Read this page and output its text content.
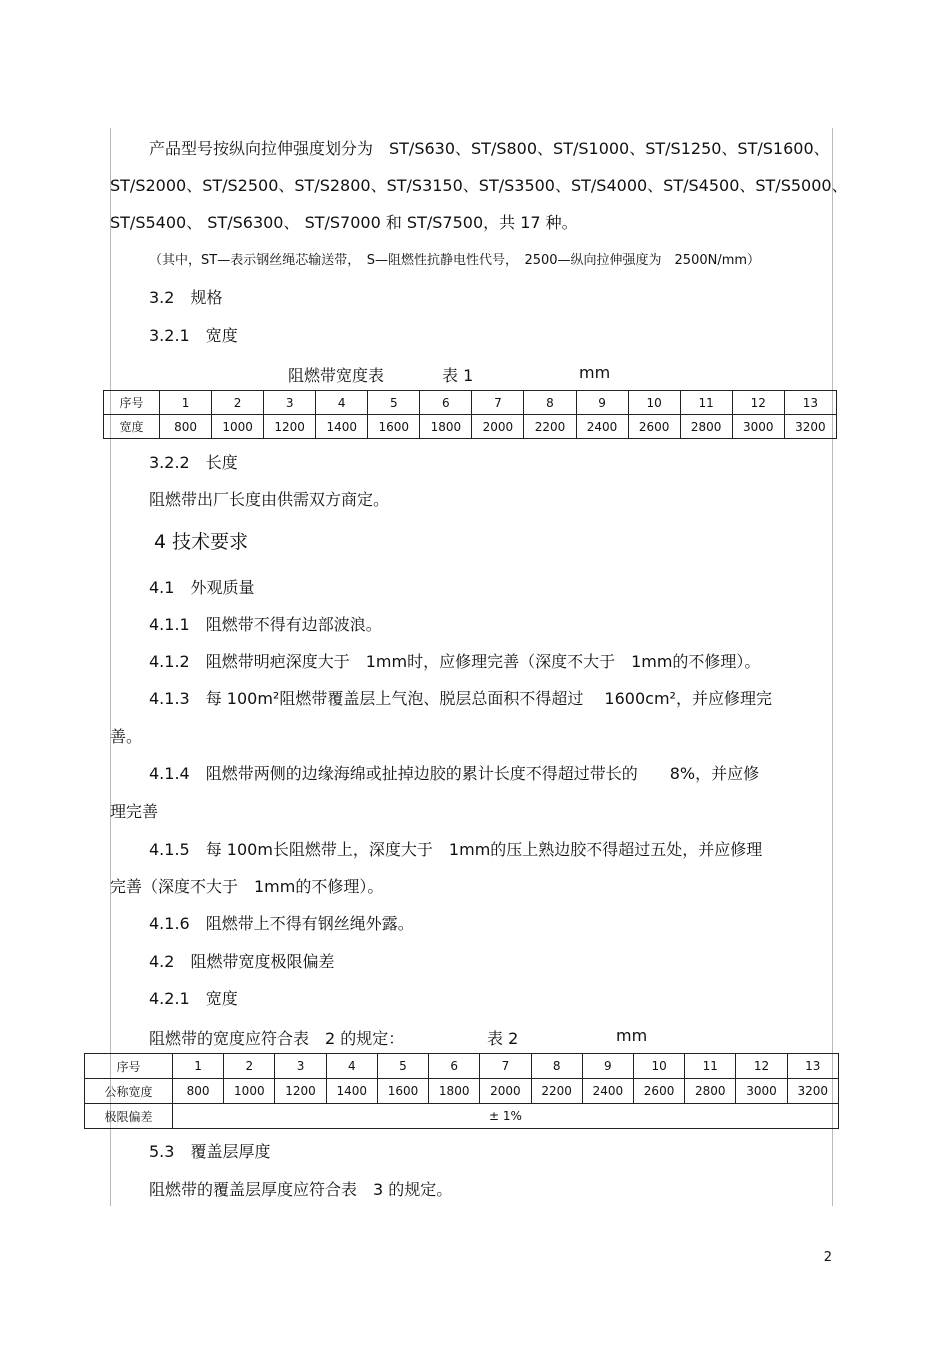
产品型号按纵向拉伸强度划分为　ST/S630、ST/S800、ST/S1000、ST/S1250、ST/S1600、
ST/S2000、ST/S2500、ST/S2800、ST/S3150、ST/S3500、ST/S4000、ST/S4500、ST/S5000、
ST/S5400、 ST/S6300、 ST/S7000 和 ST/S7500，共 17 种。
（其中，ST—表示钢丝绳芯输送带，　S—阻燃性抗静电性代号，　2500—纵向拉伸强度为　2500N/mm）
3.2　规格
3.2.1　宽度
阻燃带宽度表	表 1	mm
序号	1	2	3	4	5	6	7	8	9	10	11	12	13
宽度	800	1000	1200	1400	1600	1800	2000	2200	2400	2600	2800	3000	3200
3.2.2　长度
阻燃带出厂长度由供需双方商定。
4 技术要求
4.1　外观质量
4.1.1　阻燃带不得有边部波浪。
4.1.2　阻燃带明疤深度大于　1mm时，应修理完善（深度不大于　1mm的不修理）。
4.1.3　每 100m²阻燃带覆盖层上气泡、脱层总面积不得超过　 1600cm²，并应修理完
善。
4.1.4　阻燃带两侧的边缘海绵或扯掉边胶的累计长度不得超过带长的　　8%，并应修
理完善
4.1.5　每 100m长阻燃带上，深度大于　1mm的压上熟边胶不得超过五处，并应修理
完善（深度不大于　1mm的不修理）。
4.1.6　阻燃带上不得有钢丝绳外露。
4.2　阻燃带宽度极限偏差
4.2.1　宽度
阻燃带的宽度应符合表　2 的规定：	表 2	mm
序号	1	2	3	4	5	6	7	8	9	10	11	12	13
公称宽度	800	1000	1200	1400	1600	1800	2000	2200	2400	2600	2800	3000	3200
极限偏差	± 1%												
5.3　覆盖层厚度
阻燃带的覆盖层厚度应符合表　3 的规定。
2
